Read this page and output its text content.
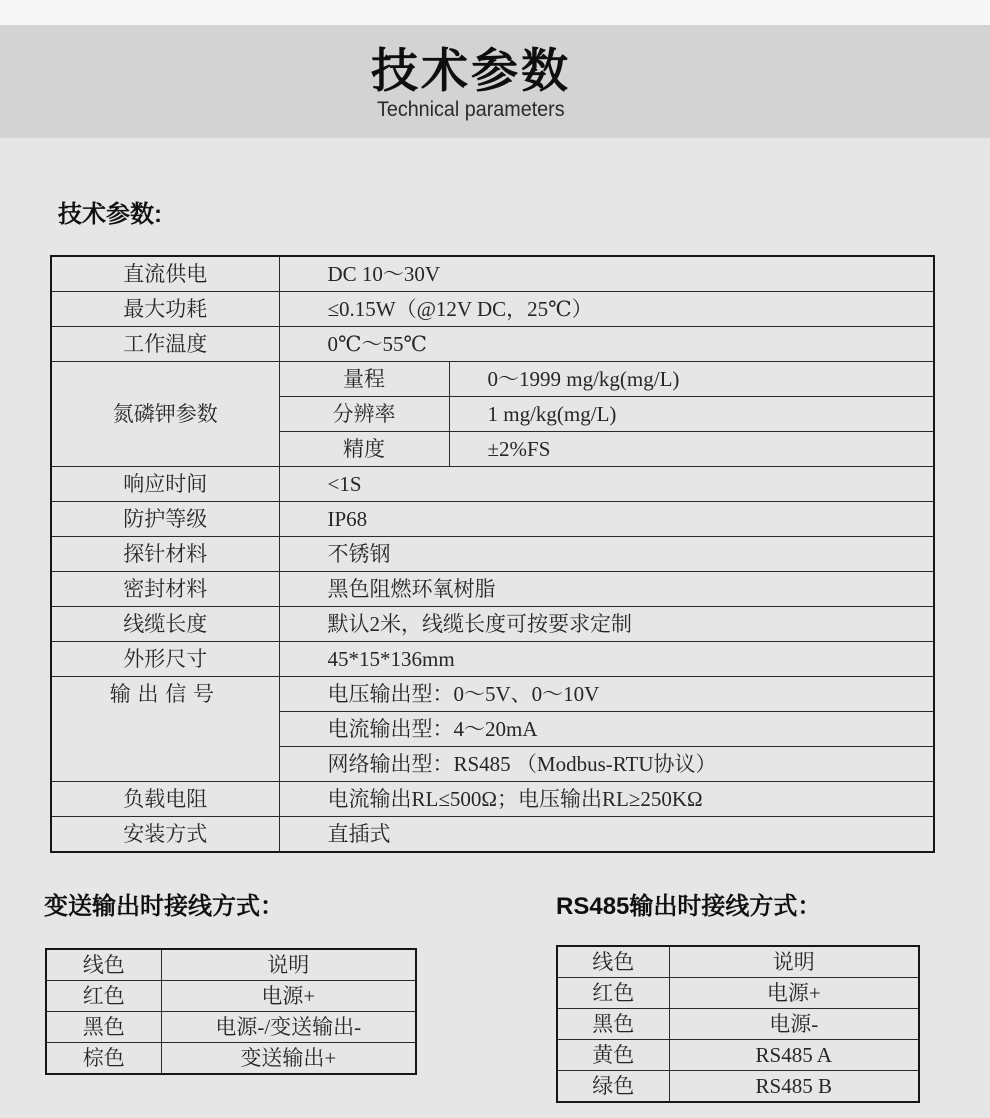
技术参数
Technical parameters
技术参数:
直流供电	DC 10～30V	
最大功耗	≤0.15W（@12V DC，25℃）	
工作温度	0℃～55℃	
氮磷钾参数	量程	0～1999 mg/kg(mg/L)
	分辨率	1 mg/kg(mg/L)
	精度	±2%FS
响应时间	<1S	
防护等级	IP68	
探针材料	不锈钢	
密封材料	黑色阻燃环氧树脂	
线缆长度	默认2米，线缆长度可按要求定制	
外形尺寸	45*15*136mm	
输出信号	电压输出型：0～5V、0～10V	
	电流输出型：4～20mA	
	网络输出型：RS485 （Modbus-RTU协议）	
负载电阻	电流输出RL≤500Ω；电压输出RL≥250KΩ	
安装方式	直插式	
变送输出时接线方式：
线色	说明
红色	电源+
黑色	电源-/变送输出-
棕色	变送输出+
RS485输出时接线方式：
线色	说明
红色	电源+
黑色	电源-
黄色	RS485 A
绿色	RS485 B
